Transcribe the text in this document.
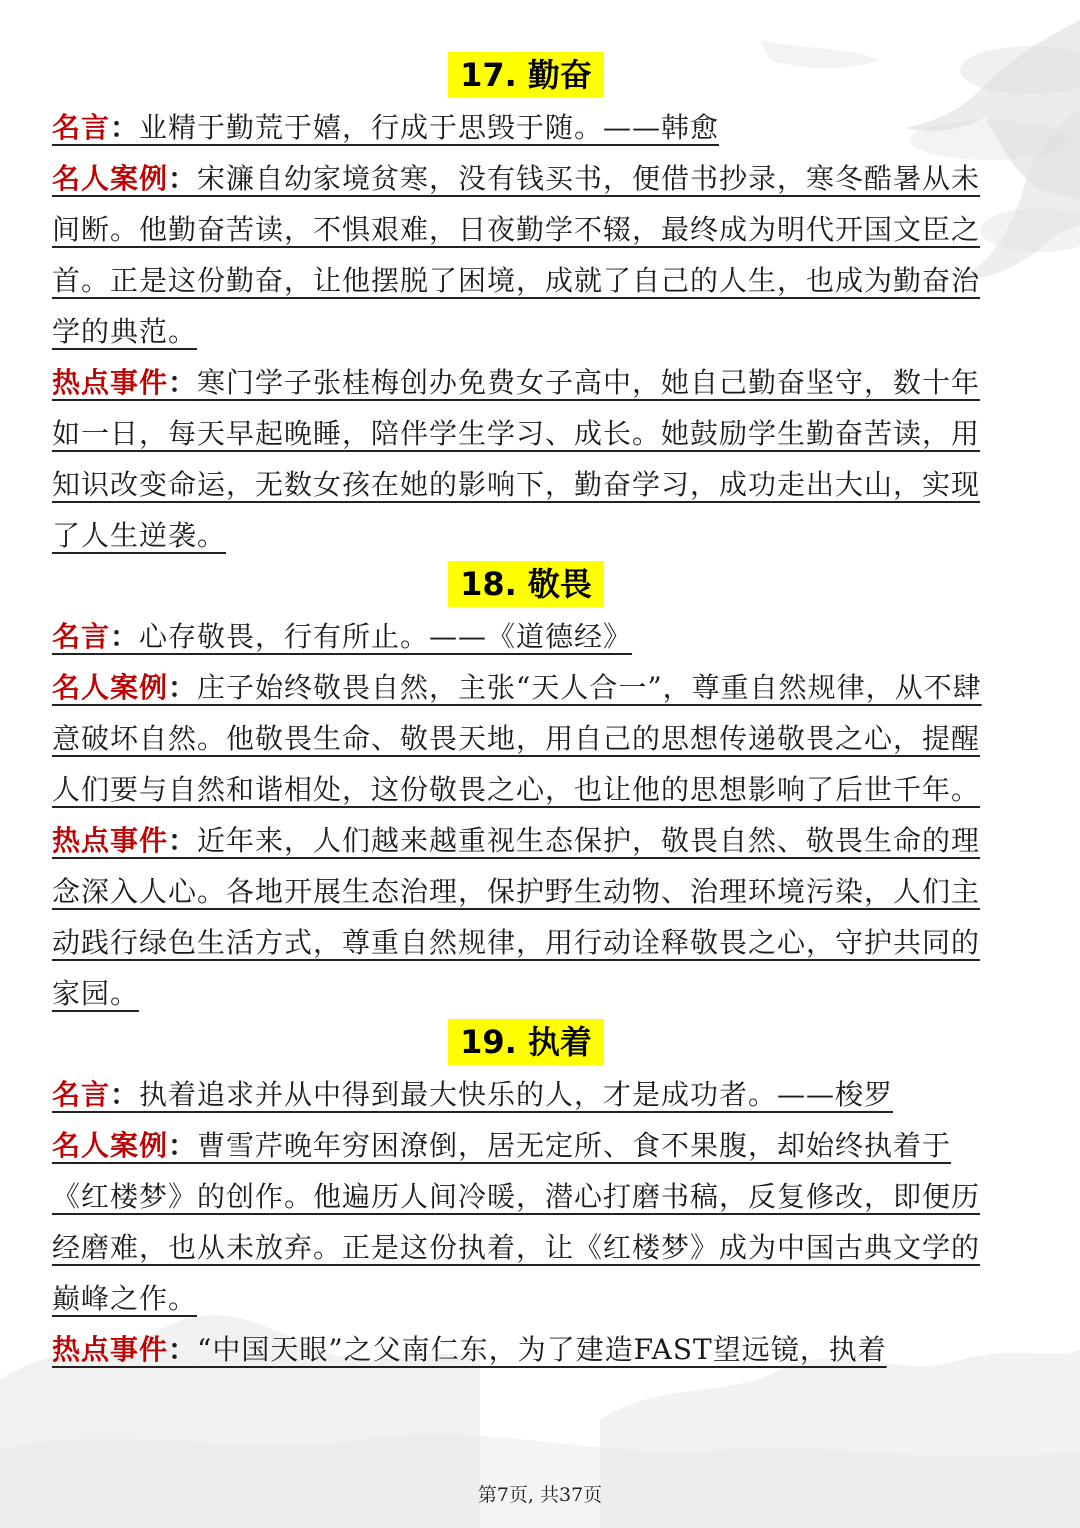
17. 勤奋

名言：业精于勤荒于嬉，行成于思毁于随。——韩愈

名人案例：宋濂自幼家境贫寒，没有钱买书，便借书抄录，寒冬酷暑从未间断。他勤奋苦读，不惧艰难，日夜勤学不辍，最终成为明代开国文臣之首。正是这份勤奋，让他摆脱了困境，成就了自己的人生，也成为勤奋治学的典范。

热点事件：寒门学子张桂梅创办免费女子高中，她自己勤奋坚守，数十年如一日，每天早起晚睡，陪伴学生学习、成长。她鼓励学生勤奋苦读，用知识改变命运，无数女孩在她的影响下，勤奋学习，成功走出大山，实现了人生逆袭。

18. 敬畏

名言：心存敬畏，行有所止。——《道德经》

名人案例：庄子始终敬畏自然，主张“天人合一”，尊重自然规律，从不肆意破坏自然。他敬畏生命、敬畏天地，用自己的思想传递敬畏之心，提醒人们要与自然和谐相处，这份敬畏之心，也让他的思想影响了后世千年。

热点事件：近年来，人们越来越重视生态保护，敬畏自然、敬畏生命的理念深入人心。各地开展生态治理，保护野生动物、治理环境污染，人们主动践行绿色生活方式，尊重自然规律，用行动诠释敬畏之心，守护共同的家园。

19. 执着

名言：执着追求并从中得到最大快乐的人，才是成功者。——梭罗

名人案例：曹雪芹晚年穷困潦倒，居无定所、食不果腹，却始终执着于《红楼梦》的创作。他遍历人间冷暖，潜心打磨书稿，反复修改，即便历经磨难，也从未放弃。正是这份执着，让《红楼梦》成为中国古典文学的巅峰之作。

热点事件：“中国天眼”之父南仁东，为了建造FAST望远镜，执着

第7页, 共37页
